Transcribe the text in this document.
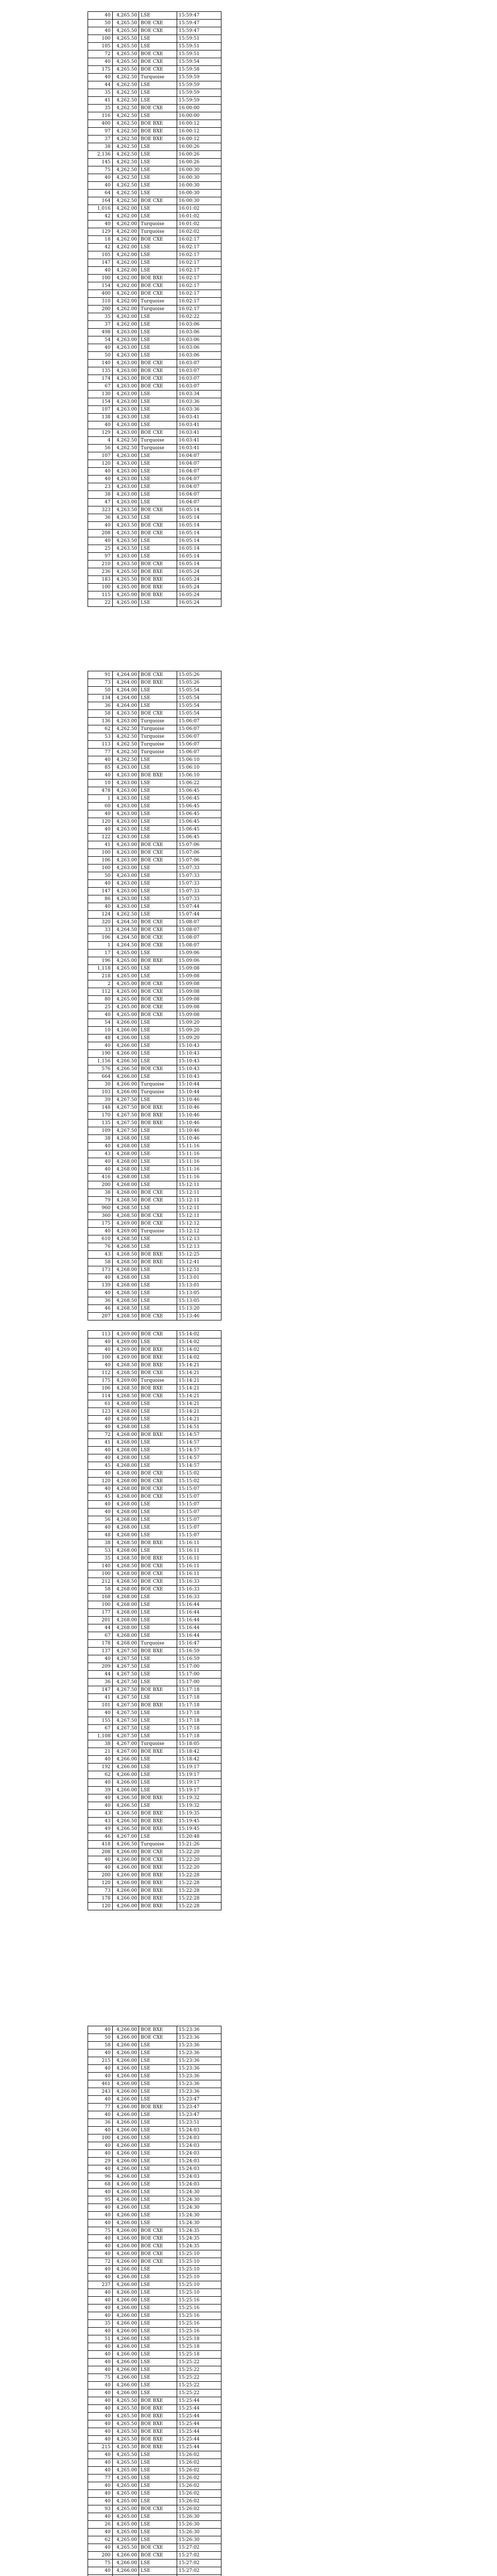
40	4,265.50	LSE	15:59:47
50	4,265.50	BOE CXE	15:59:47
40	4,265.50	BOE CXE	15:59:47
100	4,265.50	LSE	15:59:51
105	4,265.50	LSE	15:59:51
72	4,265.50	BOE CXE	15:59:51
40	4,265.50	BOE CXE	15:59:54
175	4,265.50	BOE CXE	15:59:58
40	4,262.50	Turquoise	15:59:59
44	4,262.50	LSE	15:59:59
35	4,262.50	LSE	15:59:59
41	4,262.50	LSE	15:59:59
35	4,262.50	BOE CXE	16:00:00
116	4,262.50	LSE	16:00:00
400	4,262.50	BOE BXE	16:00:12
97	4,262.50	BOE BXE	16:00:12
37	4,262.50	BOE BXE	16:00:12
38	4,262.50	LSE	16:00:26
2,136	4,262.50	LSE	16:00:26
145	4,262.50	LSE	16:00:26
75	4,262.50	LSE	16:00:30
40	4,262.50	LSE	16:00:30
40	4,262.50	LSE	16:00:30
64	4,262.50	LSE	16:00:30
164	4,262.50	BOE CXE	16:00:30
1,016	4,262.00	LSE	16:01:02
42	4,262.00	LSE	16:01:02
40	4,262.00	Turquoise	16:01:02
129	4,262.00	Turquoise	16:02:02
18	4,262.00	BOE CXE	16:02:17
42	4,262.00	LSE	16:02:17
105	4,262.00	LSE	16:02:17
147	4,262.00	LSE	16:02:17
40	4,262.00	LSE	16:02:17
100	4,262.00	BOE BXE	16:02:17
154	4,262.00	BOE CXE	16:02:17
400	4,262.00	BOE CXE	16:02:17
310	4,262.00	Turquoise	16:02:17
200	4,262.00	Turquoise	16:02:17
35	4,262.00	LSE	16:02:22
37	4,262.00	LSE	16:03:06
498	4,263.00	LSE	16:03:06
54	4,263.00	LSE	16:03:06
40	4,263.00	LSE	16:03:06
50	4,263.00	LSE	16:03:06
140	4,263.00	BOE CXE	16:03:07
135	4,263.00	BOE CXE	16:03:07
174	4,263.00	BOE CXE	16:03:07
67	4,263.00	BOE CXE	16:03:07
130	4,263.00	LSE	16:03:34
154	4,263.00	LSE	16:03:36
107	4,263.00	LSE	16:03:36
138	4,263.00	LSE	16:03:41
40	4,263.00	LSE	16:03:41
129	4,263.00	BOE CXE	16:03:41
4	4,262.50	Turquoise	16:03:41
56	4,262.50	Turquoise	16:03:41
107	4,263.00	LSE	16:04:07
120	4,263.00	LSE	16:04:07
40	4,263.00	LSE	16:04:07
40	4,263.00	LSE	16:04:07
23	4,263.00	LSE	16:04:07
38	4,263.00	LSE	16:04:07
47	4,263.00	LSE	16:04:07
323	4,263.50	BOE CXE	16:05:14
36	4,263.50	LSE	16:05:14
40	4,263.50	BOE CXE	16:05:14
208	4,263.50	BOE CXE	16:05:14
40	4,263.50	LSE	16:05:14
25	4,263.50	LSE	16:05:14
97	4,263.00	LSE	16:05:14
210	4,263.50	BOE CXE	16:05:14
236	4,265.50	BOE BXE	16:05:24
183	4,265.50	BOE BXE	16:05:24
100	4,265.00	BOE BXE	16:05:24
115	4,265.00	BOE BXE	16:05:24
22	4,265.00	LSE	16:05:24
91	4,264.00	BOE CXE	15:05:26
73	4,264.00	BOE BXE	15:05:26
50	4,264.00	LSE	15:05:54
134	4,264.00	LSE	15:05:54
36	4,264.00	LSE	15:05:54
58	4,263.50	BOE CXE	15:05:54
136	4,263.00	Turquoise	15:06:07
62	4,262.50	Turquoise	15:06:07
53	4,262.50	Turquoise	15:06:07
113	4,262.50	Turquoise	15:06:07
77	4,262.50	Turquoise	15:06:07
40	4,262.50	LSE	15:06:10
85	4,263.00	LSE	15:06:10
40	4,263.00	BOE BXE	15:06:10
10	4,263.00	LSE	15:06:22
478	4,263.00	LSE	15:06:45
1	4,263.00	LSE	15:06:45
60	4,263.00	LSE	15:06:45
40	4,263.00	LSE	15:06:45
120	4,263.00	LSE	15:06:45
40	4,263.00	LSE	15:06:45
122	4,263.00	LSE	15:06:45
41	4,263.00	BOE CXE	15:07:06
100	4,263.00	BOE CXE	15:07:06
106	4,263.00	BOE CXE	15:07:06
160	4,263.00	LSE	15:07:33
50	4,263.00	LSE	15:07:33
40	4,263.00	LSE	15:07:33
147	4,263.00	LSE	15:07:33
86	4,263.00	LSE	15:07:33
40	4,263.00	LSE	15:07:44
124	4,262.50	LSE	15:07:44
320	4,264.50	BOE CXE	15:08:07
33	4,264.50	BOE CXE	15:08:07
106	4,264.50	BOE CXE	15:08:07
1	4,264.50	BOE CXE	15:08:07
17	4,265.00	LSE	15:09:06
196	4,265.00	BOE BXE	15:09:06
1,118	4,265.00	LSE	15:09:08
218	4,265.00	LSE	15:09:08
2	4,265.00	BOE CXE	15:09:08
112	4,265.00	BOE CXE	15:09:08
80	4,265.00	BOE CXE	15:09:08
25	4,265.00	BOE CXE	15:09:08
40	4,265.00	BOE CXE	15:09:08
54	4,266.00	LSE	15:09:20
10	4,266.00	LSE	15:09:20
48	4,266.00	LSE	15:09:20
40	4,266.00	LSE	15:10:43
190	4,266.00	LSE	15:10:43
1,156	4,266.50	LSE	15:10:43
576	4,266.50	BOE CXE	15:10:43
664	4,266.00	LSE	15:10:43
30	4,266.00	Turquoise	15:10:44
103	4,266.00	Turquoise	15:10:44
39	4,267.50	LSE	15:10:46
148	4,267.50	BOE BXE	15:10:46
170	4,267.50	BOE BXE	15:10:46
135	4,267.50	BOE BXE	15:10:46
109	4,267.50	LSE	15:10:46
38	4,268.00	LSE	15:10:46
40	4,268.00	LSE	15:11:16
43	4,268.00	LSE	15:11:16
40	4,268.00	LSE	15:11:16
40	4,268.00	LSE	15:11:16
416	4,268.00	LSE	15:11:16
200	4,268.00	LSE	15:12:11
38	4,268.00	BOE CXE	15:12:11
79	4,268.50	BOE CXE	15:12:11
960	4,268.50	LSE	15:12:11
360	4,268.50	BOE CXE	15:12:11
175	4,269.00	BOE CXE	15:12:12
40	4,269.00	Turquoise	15:12:12
610	4,268.50	LSE	15:12:13
76	4,268.50	LSE	15:12:13
43	4,268.50	BOE BXE	15:12:25
58	4,268.50	BOE BXE	15:12:41
173	4,268.00	LSE	15:12:51
40	4,268.00	LSE	15:13:01
139	4,268.00	LSE	15:13:01
40	4,268.50	LSE	15:13:05
36	4,268.50	LSE	15:13:05
46	4,268.50	LSE	15:13:20
207	4,268.50	BOE CXE	15:13:46
113	4,269.00	BOE CXE	15:14:02
40	4,269.00	LSE	15:14:02
40	4,269.00	BOE BXE	15:14:02
100	4,269.00	BOE BXE	15:14:02
40	4,268.50	BOE BXE	15:14:21
112	4,268.50	BOE CXE	15:14:21
175	4,269.00	Turquoise	15:14:21
106	4,268.50	BOE BXE	15:14:21
114	4,268.50	BOE CXE	15:14:21
61	4,268.00	LSE	15:14:21
123	4,268.00	LSE	15:14:21
40	4,268.00	LSE	15:14:21
40	4,268.00	LSE	15:14:51
72	4,268.00	BOE BXE	15:14:57
41	4,268.00	LSE	15:14:57
40	4,268.00	LSE	15:14:57
40	4,268.00	LSE	15:14:57
45	4,268.00	LSE	15:14:57
40	4,268.00	BOE CXE	15:15:02
120	4,268.00	BOE CXE	15:15:02
40	4,268.00	BOE CXE	15:15:07
45	4,268.00	BOE CXE	15:15:07
40	4,268.00	LSE	15:15:07
40	4,268.00	LSE	15:15:07
56	4,268.00	LSE	15:15:07
40	4,268.00	LSE	15:15:07
48	4,268.00	LSE	15:15:07
38	4,268.50	BOE BXE	15:16:11
53	4,268.00	LSE	15:16:11
35	4,268.50	BOE BXE	15:16:11
140	4,268.50	BOE CXE	15:16:11
100	4,268.00	BOE CXE	15:16:11
212	4,268.50	BOE CXE	15:16:33
58	4,268.00	BOE CXE	15:16:33
168	4,268.00	LSE	15:16:33
100	4,268.00	LSE	15:16:44
177	4,268.00	LSE	15:16:44
201	4,268.00	LSE	15:16:44
44	4,268.00	LSE	15:16:44
67	4,268.00	LSE	15:16:44
178	4,268.00	Turquoise	15:16:47
137	4,267.50	BOE BXE	15:16:59
40	4,267.50	LSE	15:16:59
209	4,267.50	LSE	15:17:00
44	4,267.50	LSE	15:17:00
36	4,267.50	LSE	15:17:00
147	4,267.50	BOE BXE	15:17:18
41	4,267.50	LSE	15:17:18
101	4,267.50	BOE BXE	15:17:18
40	4,267.50	LSE	15:17:18
155	4,267.50	LSE	15:17:18
67	4,267.50	LSE	15:17:18
1,108	4,267.50	LSE	15:17:18
38	4,267.00	Turquoise	15:18:05
21	4,267.00	BOE BXE	15:18:42
40	4,266.00	LSE	15:18:42
192	4,266.00	LSE	15:19:17
62	4,266.00	LSE	15:19:17
40	4,266.00	LSE	15:19:17
39	4,266.00	LSE	15:19:17
40	4,266.50	BOE BXE	15:19:32
40	4,266.50	LSE	15:19:32
43	4,266.50	BOE BXE	15:19:35
43	4,266.50	BOE BXE	15:19:45
49	4,266.50	BOE BXE	15:19:45
46	4,267.00	LSE	15:20:48
418	4,266.50	Turquoise	15:21:26
208	4,266.00	BOE CXE	15:22:20
40	4,266.00	BOE CXE	15:22:20
40	4,266.00	BOE BXE	15:22:20
200	4,266.00	BOE BXE	15:22:28
120	4,266.00	BOE BXE	15:22:28
73	4,266.00	BOE BXE	15:22:28
178	4,266.00	BOE BXE	15:22:28
120	4,266.00	BOE BXE	15:22:28
40	4,266.00	BOE BXE	15:23:36
50	4,266.00	BOE CXE	15:23:36
58	4,266.00	LSE	15:23:36
40	4,266.00	LSE	15:23:36
215	4,266.00	LSE	15:23:36
40	4,266.00	LSE	15:23:36
40	4,266.00	LSE	15:23:36
461	4,266.00	LSE	15:23:36
243	4,266.00	LSE	15:23:36
40	4,266.00	LSE	15:23:47
77	4,266.00	BOE BXE	15:23:47
40	4,266.00	LSE	15:23:47
36	4,266.00	LSE	15:23:51
40	4,266.00	LSE	15:24:03
100	4,266.00	LSE	15:24:03
40	4,266.00	LSE	15:24:03
40	4,266.00	LSE	15:24:03
29	4,266.00	LSE	15:24:03
40	4,266.00	LSE	15:24:03
96	4,266.00	LSE	15:24:03
68	4,266.00	LSE	15:24:03
40	4,266.00	LSE	15:24:30
95	4,266.00	LSE	15:24:30
40	4,266.00	LSE	15:24:30
40	4,266.00	LSE	15:24:30
40	4,266.00	LSE	15:24:30
75	4,266.00	BOE CXE	15:24:35
40	4,266.00	BOE CXE	15:24:35
40	4,266.00	BOE CXE	15:24:35
40	4,266.00	BOE CXE	15:25:10
72	4,266.00	BOE CXE	15:25:10
40	4,266.00	LSE	15:25:10
40	4,266.00	LSE	15:25:10
237	4,266.00	LSE	15:25:10
40	4,266.00	LSE	15:25:10
40	4,266.00	LSE	15:25:16
40	4,266.00	LSE	15:25:16
40	4,266.00	LSE	15:25:16
35	4,266.00	LSE	15:25:16
40	4,266.00	LSE	15:25:16
51	4,266.00	LSE	15:25:18
40	4,266.00	LSE	15:25:18
40	4,266.00	LSE	15:25:18
40	4,266.00	LSE	15:25:22
40	4,266.00	LSE	15:25:22
75	4,266.00	LSE	15:25:22
40	4,266.00	LSE	15:25:22
40	4,266.00	LSE	15:25:22
40	4,265.50	BOE BXE	15:25:44
40	4,265.50	BOE BXE	15:25:44
40	4,265.50	BOE BXE	15:25:44
40	4,265.50	BOE BXE	15:25:44
40	4,265.50	BOE BXE	15:25:44
40	4,265.50	BOE BXE	15:25:44
215	4,265.50	BOE BXE	15:25:44
40	4,265.50	LSE	15:26:02
40	4,265.50	LSE	15:26:02
40	4,265.00	LSE	15:26:02
77	4,265.00	LSE	15:26:02
40	4,265.00	LSE	15:26:02
40	4,265.00	LSE	15:26:02
40	4,265.00	LSE	15:26:02
93	4,265.00	BOE CXE	15:26:02
40	4,265.00	LSE	15:26:30
26	4,265.00	LSE	15:26:30
40	4,265.00	LSE	15:26:30
62	4,265.00	LSE	15:26:30
40	4,265.50	BOE CXE	15:27:02
200	4,266.00	BOE CXE	15:27:02
75	4,266.00	LSE	15:27:02
40	4,266.00	LSE	15:27:02
